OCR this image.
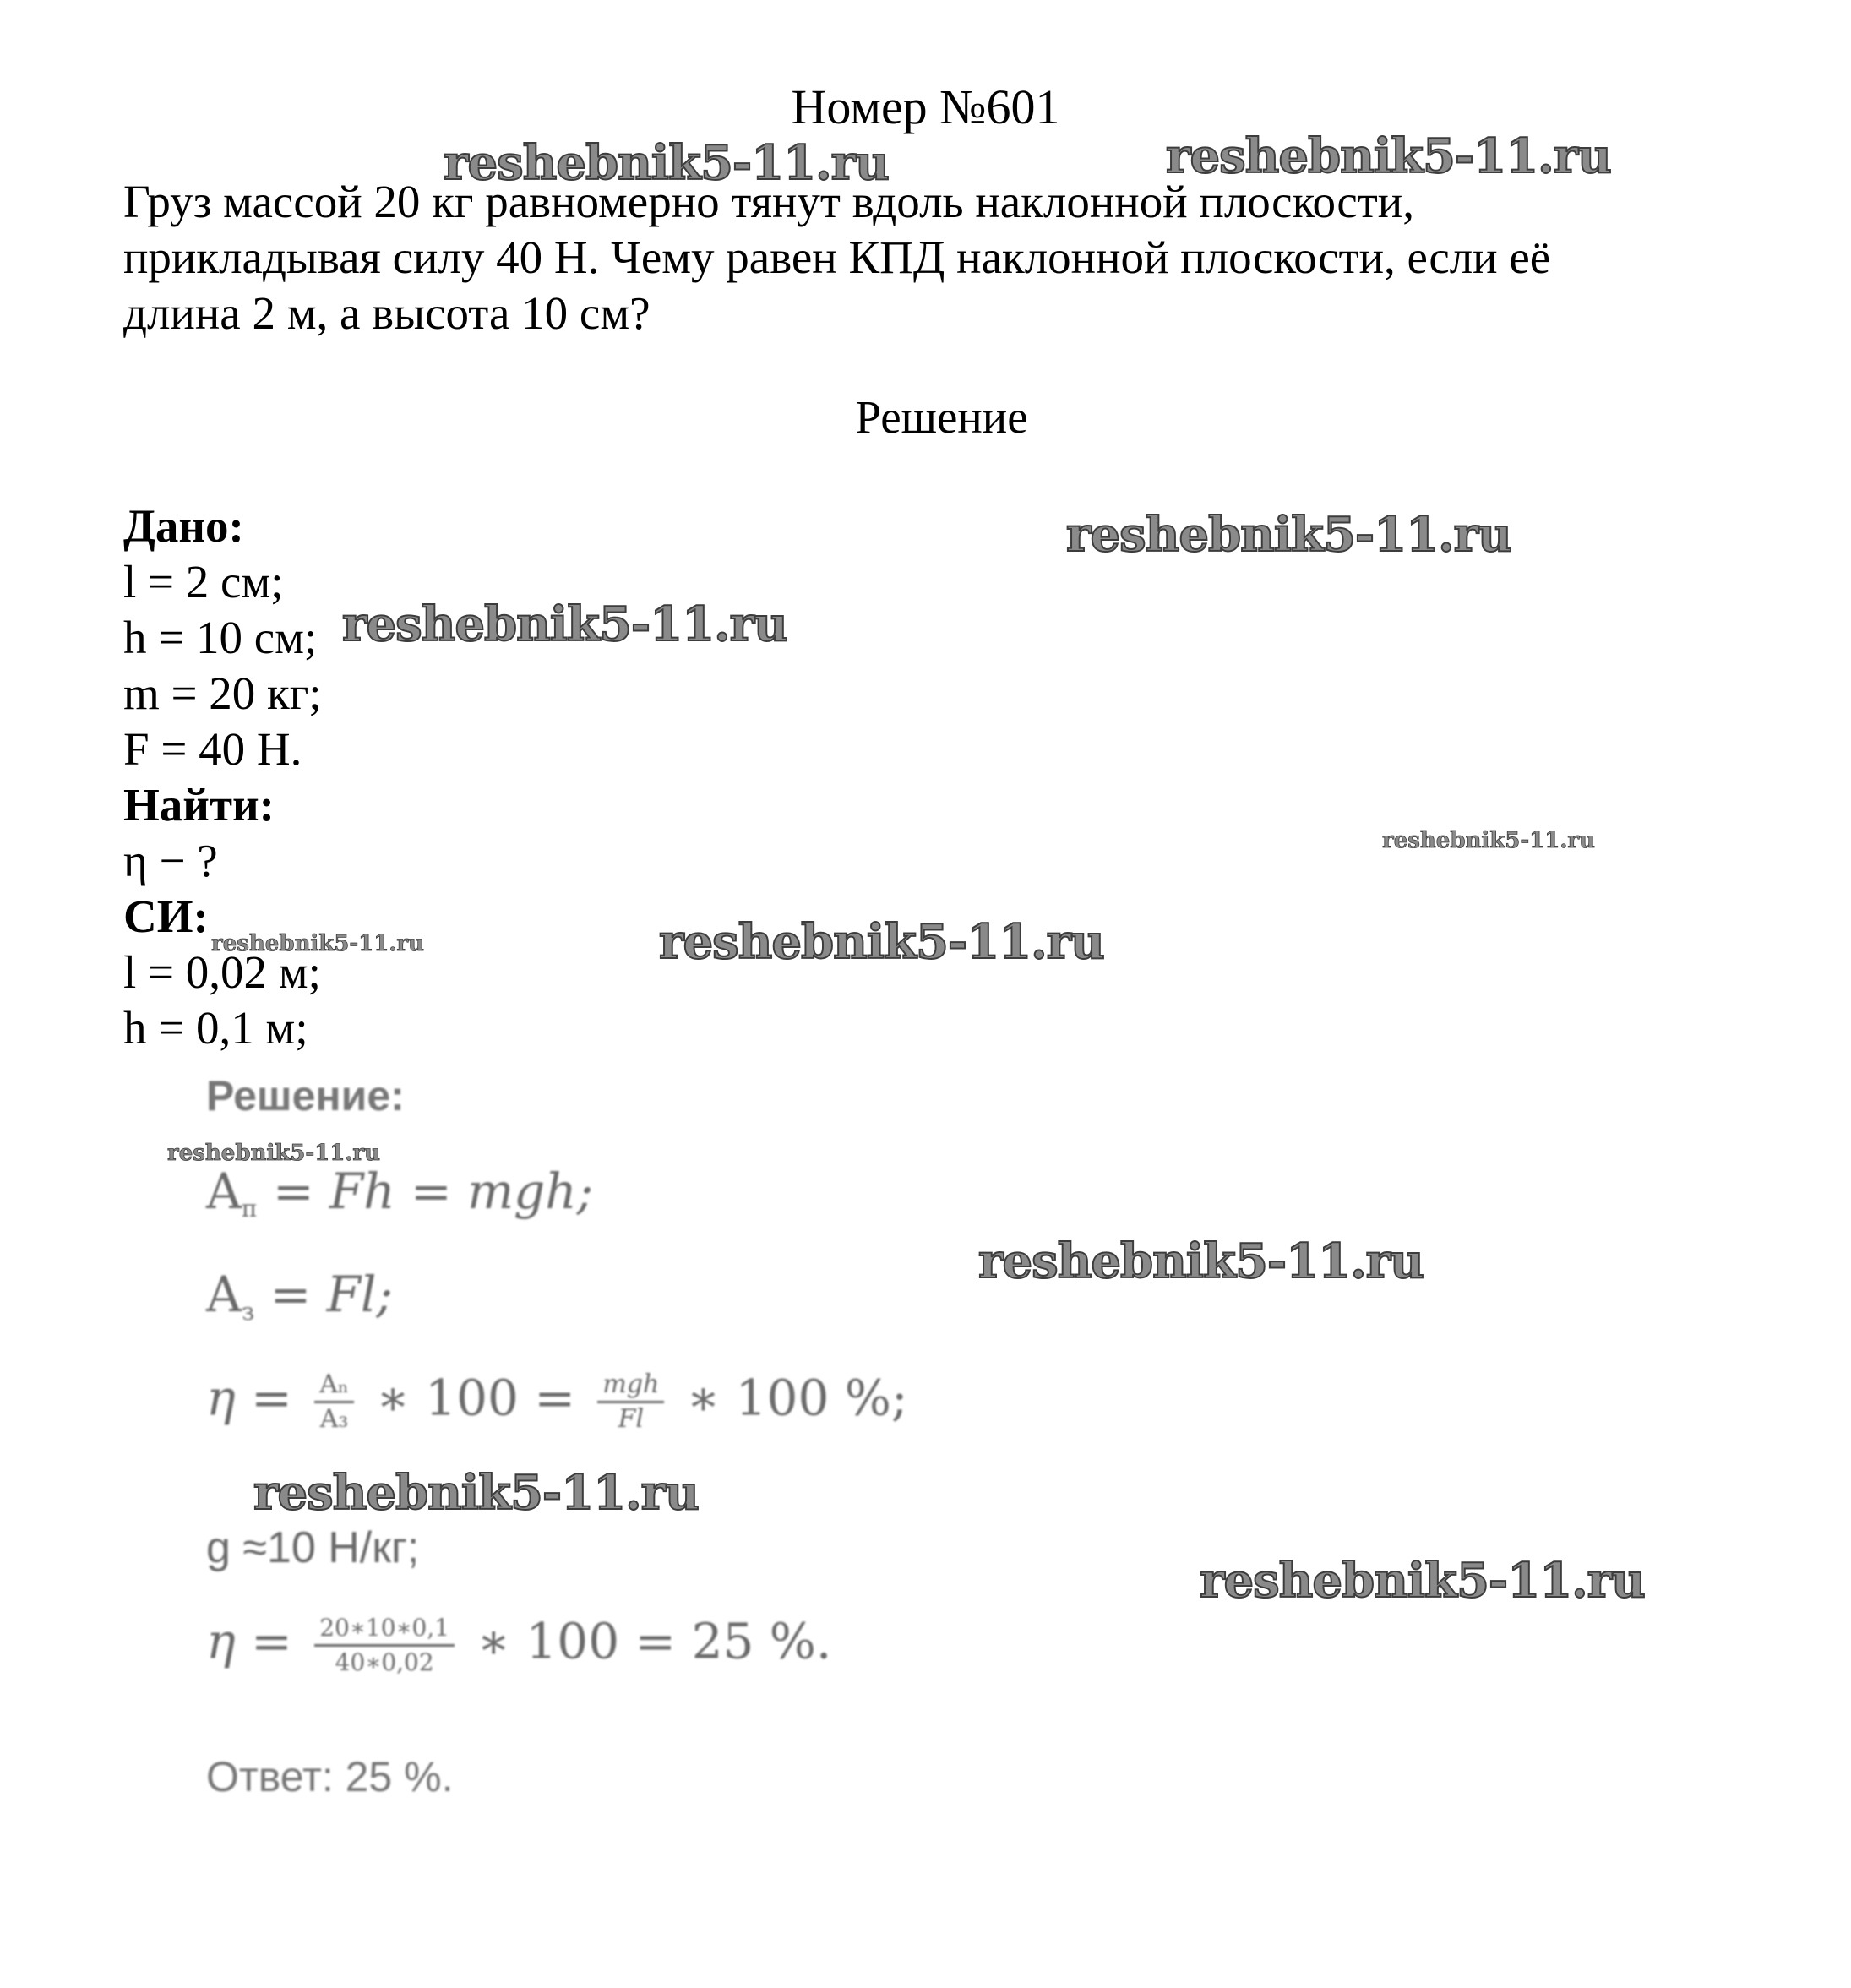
Номер №601
Груз массой 20 кг равномерно тянут вдоль наклонной плоскости,
прикладывая силу 40 Н. Чему равен КПД наклонной плоскости, если её
длина 2 м, а высота 10 см?
Решение
Дано:
l = 2 см;
h = 10 см;
m = 20 кг;
F = 40 Н.
Найти:
η − ?
СИ:
l = 0,02 м;
h = 0,1 м;
Решение:
$A_п = Fh$ = mgh;
$A_з = Fl$;
$\eta = \frac{\text{Aₙ}}{\text{A₃}}$ ∗ $100 = \frac{\text{mgh}}{Fl}$ ∗ 100 %;
g ≈10 Н/кг;
$\eta = \frac{20∗10∗0,1}{40∗0,02}$ ∗ 100 = 25 %.
Ответ: 25 %.
reshebnik5-11.ru	reshebnik5-11.ru
reshebnik5-11.ru
reshebnik5-11.ru
reshebnik5-11.ru
reshebnik5-11.ru	reshebnik5-11.ru
reshebnik5-11.ru
reshebnik5-11.ru
reshebnik5-11.ru
reshebnik5-11.ru
